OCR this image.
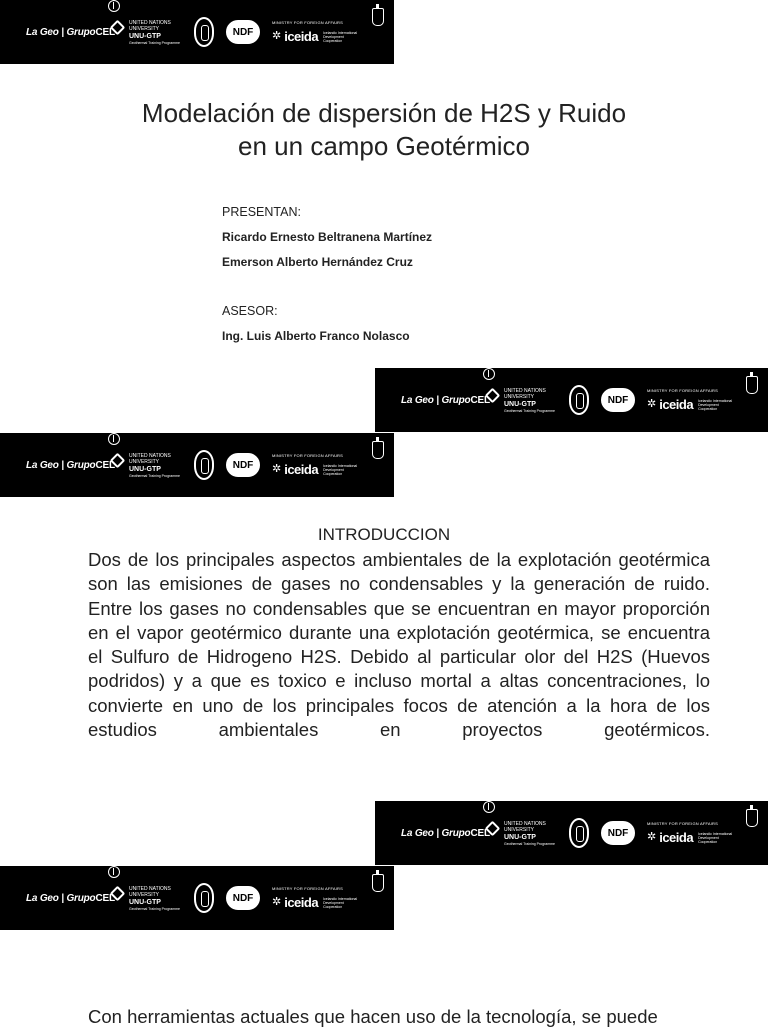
La Geo | GrupoCEL
UNITED NATIONS
UNIVERSITY
UNU-GTP
Geothermal Training Programme
NDF
MINISTRY FOR FOREIGN AFFAIRS
✲ iceida Icelandic International Development Cooperation
Modelación de dispersión de H2S y Ruido
en un campo Geotérmico
PRESENTAN:
Ricardo Ernesto Beltranena Martínez
Emerson Alberto Hernández Cruz
ASESOR:
Ing. Luis Alberto Franco Nolasco
La Geo | GrupoCEL
UNITED NATIONS
UNIVERSITY
UNU-GTP
Geothermal Training Programme
NDF
MINISTRY FOR FOREIGN AFFAIRS
✲ iceida Icelandic International Development Cooperation
La Geo | GrupoCEL
UNITED NATIONS
UNIVERSITY
UNU-GTP
Geothermal Training Programme
NDF
MINISTRY FOR FOREIGN AFFAIRS
✲ iceida Icelandic International Development Cooperation
INTRODUCCION

Dos de los principales aspectos ambientales de la explotación geotérmica son las emisiones de gases no condensables y la generación de ruido. Entre los gases no condensables que se encuentran en mayor proporción en el vapor geotérmico durante una explotación geotérmica, se encuentra el Sulfuro de Hidrogeno H2S. Debido al particular olor del H2S (Huevos podridos) y a que es toxico e incluso mortal a altas concentraciones, lo convierte en uno de los principales focos de atención a la hora de los estudios ambientales en proyectos geotérmicos.

La Geo | GrupoCEL
UNITED NATIONS
UNIVERSITY
UNU-GTP
Geothermal Training Programme
NDF
MINISTRY FOR FOREIGN AFFAIRS
✲ iceida Icelandic International Development Cooperation
La Geo | GrupoCEL
UNITED NATIONS
UNIVERSITY
UNU-GTP
Geothermal Training Programme
NDF
MINISTRY FOR FOREIGN AFFAIRS
✲ iceida Icelandic International Development Cooperation

Con herramientas actuales que hacen uso de la tecnología, se puede
